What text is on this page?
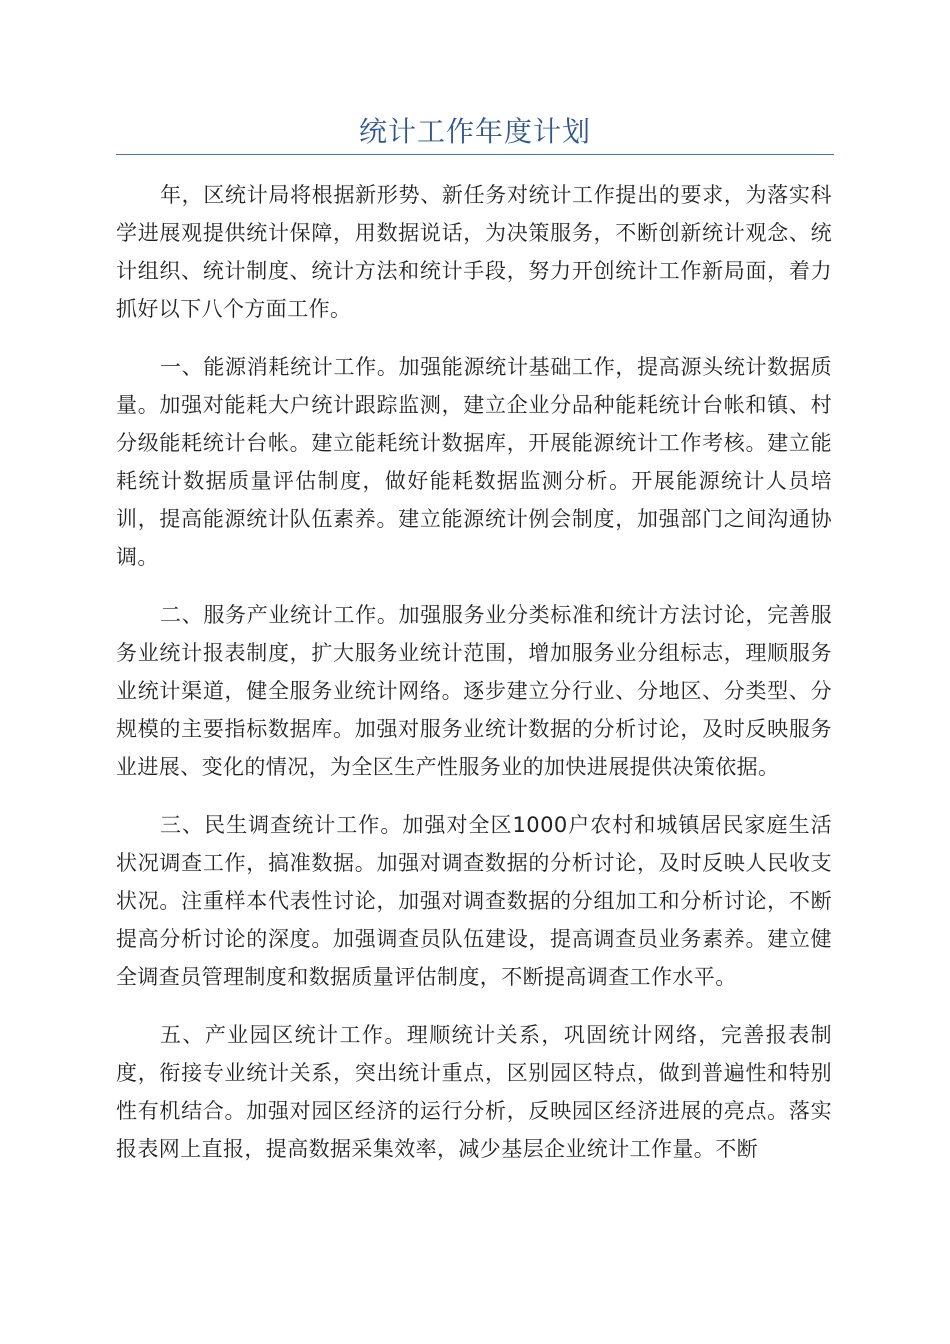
统计工作年度计划

年，区统计局将根据新形势、新任务对统计工作提出的要求，为落实科学进展观提供统计保障，用数据说话，为决策服务，不断创新统计观念、统计组织、统计制度、统计方法和统计手段，努力开创统计工作新局面，着力抓好以下八个方面工作。

一、能源消耗统计工作。加强能源统计基础工作，提高源头统计数据质量。加强对能耗大户统计跟踪监测，建立企业分品种能耗统计台帐和镇、村分级能耗统计台帐。建立能耗统计数据库，开展能源统计工作考核。建立能耗统计数据质量评估制度，做好能耗数据监测分析。开展能源统计人员培训，提高能源统计队伍素养。建立能源统计例会制度，加强部门之间沟通协调。

二、服务产业统计工作。加强服务业分类标准和统计方法讨论，完善服务业统计报表制度，扩大服务业统计范围，增加服务业分组标志，理顺服务业统计渠道，健全服务业统计网络。逐步建立分行业、分地区、分类型、分规模的主要指标数据库。加强对服务业统计数据的分析讨论，及时反映服务业进展、变化的情况，为全区生产性服务业的加快进展提供决策依据。

三、民生调查统计工作。加强对全区1000户农村和城镇居民家庭生活状况调查工作，搞准数据。加强对调查数据的分析讨论，及时反映人民收支状况。注重样本代表性讨论，加强对调查数据的分组加工和分析讨论，不断提高分析讨论的深度。加强调查员队伍建设，提高调查员业务素养。建立健全调查员管理制度和数据质量评估制度，不断提高调查工作水平。

五、产业园区统计工作。理顺统计关系，巩固统计网络，完善报表制度，衔接专业统计关系，突出统计重点，区别园区特点，做到普遍性和特别性有机结合。加强对园区经济的运行分析，反映园区经济进展的亮点。落实报表网上直报，提高数据采集效率，减少基层企业统计工作量。不断
